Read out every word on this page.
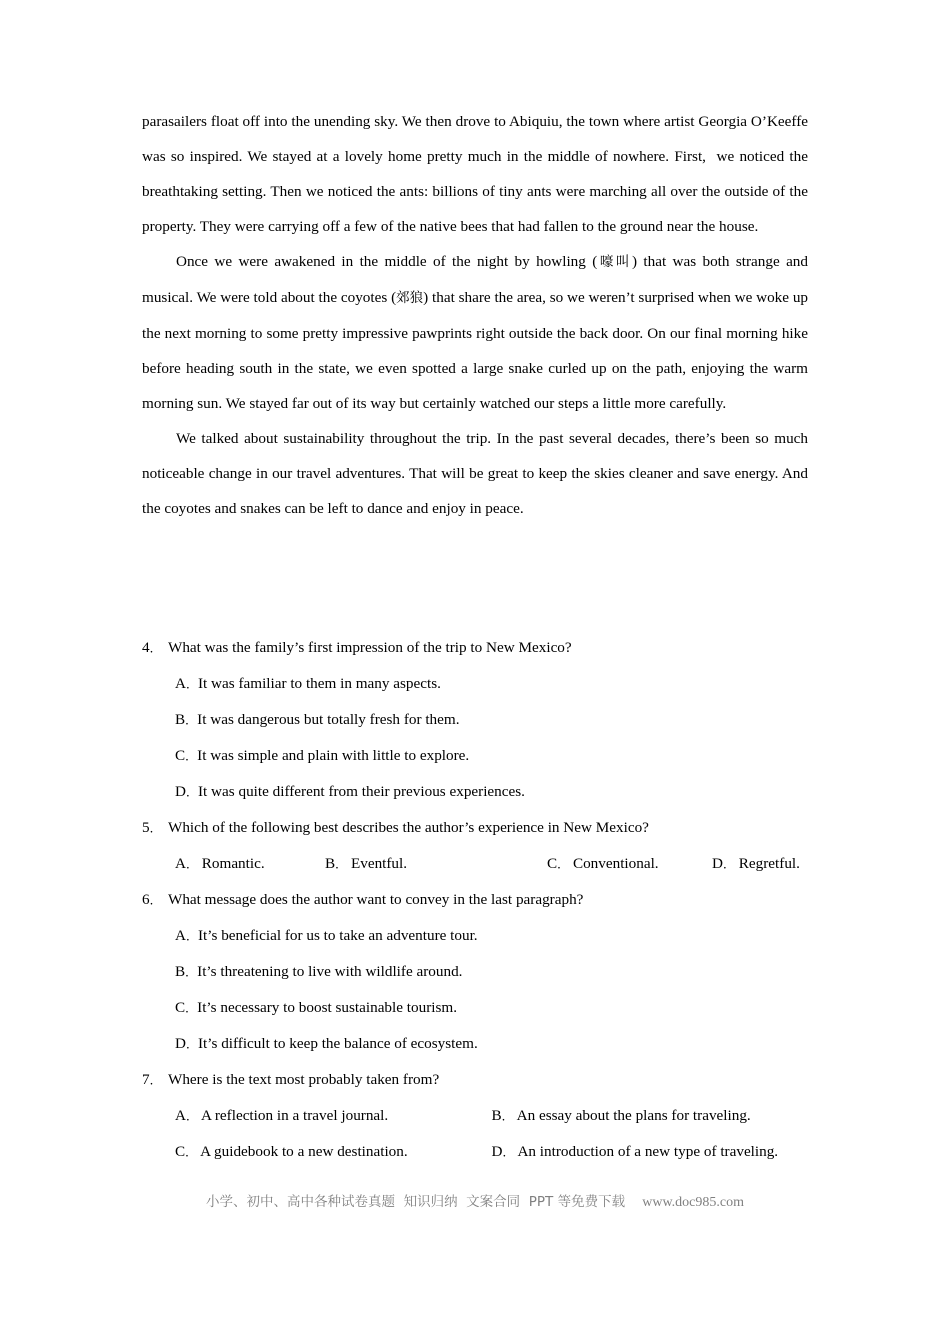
parasailers float off into the unending sky. We then drove to Abiquiu, the town where artist Georgia O’Keeffe was so inspired. We stayed at a lovely home pretty much in the middle of nowhere. First,  we noticed the breathtaking setting. Then we noticed the ants: billions of tiny ants were marching all over the outside of the property. They were carrying off a few of the native bees that had fallen to the ground near the house.

Once we were awakened in the middle of the night by howling (嚎叫) that was both strange and musical. We were told about the coyotes (郊狼) that share the area, so we weren’t surprised when we woke up the next morning to some pretty impressive pawprints right outside the back door. On our final morning hike before heading south in the state, we even spotted a large snake curled up on the path, enjoying the warm morning sun. We stayed far out of its way but certainly watched our steps a little more carefully.

We talked about sustainability throughout the trip. In the past several decades, there’s been so much noticeable change in our travel adventures. That will be great to keep the skies cleaner and save energy. And the coyotes and snakes can be left to dance and enjoy in peace.

4． What was the family’s first impression of the trip to New Mexico?
A．It was familiar to them in many aspects.
B．It was dangerous but totally fresh for them.
C．It was simple and plain with little to explore.
D．It was quite different from their previous experiences.
5． Which of the following best describes the author’s experience in New Mexico?
A． Romantic.	B． Eventful.	C． Conventional.	D． Regretful.
6． What message does the author want to convey in the last paragraph?
A．It’s beneficial for us to take an adventure tour.
B．It’s threatening to live with wildlife around.
C．It’s necessary to boost sustainable tourism.
D．It’s difficult to keep the balance of ecosystem.
7． Where is the text most probably taken from?
A． A reflection in a travel journal.	B． An essay about the plans for traveling.
C． A guidebook to a new destination.	D． An introduction of a new type of traveling.
小学、初中、高中各种试卷真题  知识归纳  文案合同  PPT 等免费下载 www.doc985.com
